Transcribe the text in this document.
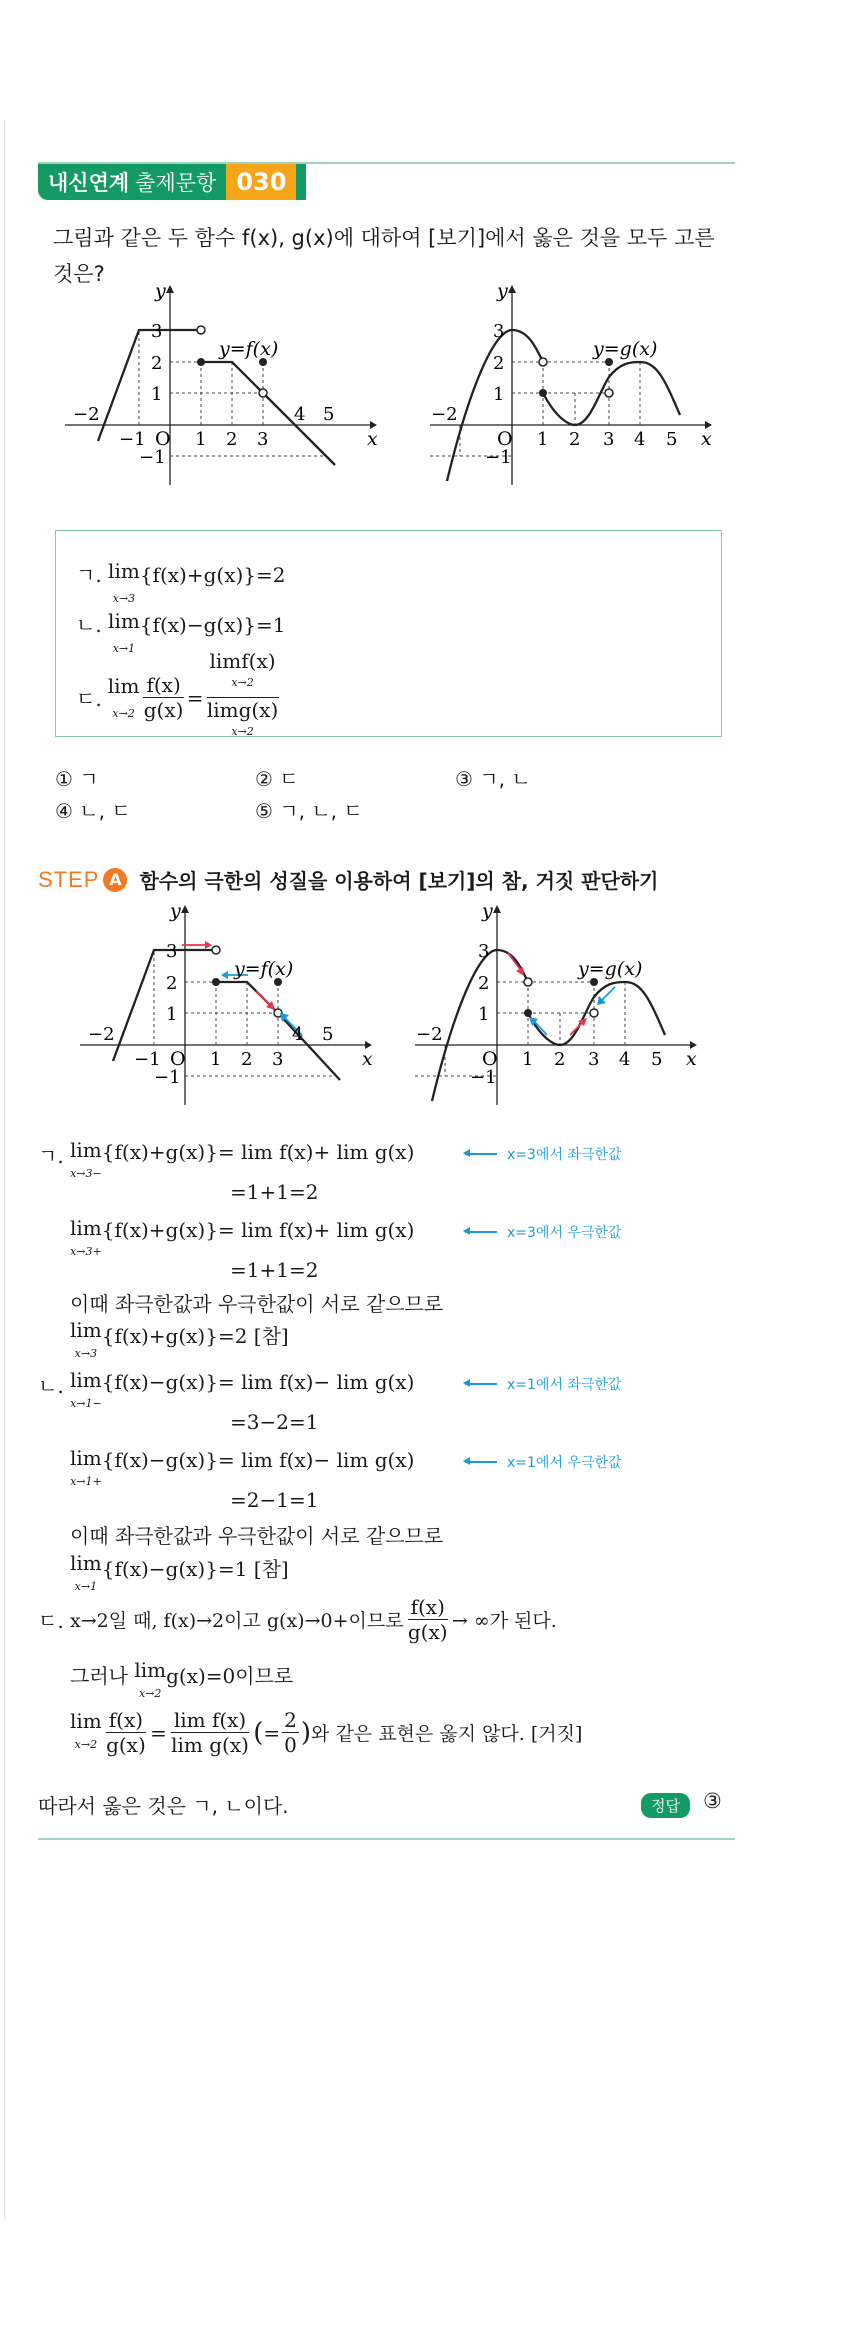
내신연계 출제문항 030
그림과 같은 두 함수 f(x), g(x)에 대하여 [보기]에서 옳은 것을 모두 고른
것은?
y
x
O
y=f(x)
−2
−1	1 2 3
4 5
3
2
1
−1
y
x
O
y=g(x)
−2
1 2 3 4 5
3
2
1
−1
ㄱ. lim
x→3{f(x)+g(x)}=2
ㄴ. lim
x→1{f(x)−g(x)}=1
ㄷ.
lim
$x\to 2 \frac{f(x)}{g(x)}$ =
limf(x)
$^{x\to 2}$
limg(x)
$^{x\to 2}$
① ㄱ	② ㄷ	③ ㄱ, ㄴ
④ ㄴ, ㄷ	⑤ ㄱ, ㄴ, ㄷ
STEP A 함수의 극한의 성질을 이용하여 [보기]의 참, 거짓 판단하기
y
x
O
y=f(x)
−2
−1	1 2 3
4 5
3
2
1
−1
y
x
O
y=g(x)
−2
1 2 3 4 5
3
2
1
−1
ㄱ. lim
x→3−{f(x)+g(x)}= lim f(x)+ lim g(x)	x=3에서 좌극한값
=1+1=2
lim
x→3+{f(x)+g(x)}= lim f(x)+ lim g(x)	x=3에서 우극한값
=1+1=2
이때 좌극한값과 우극한값이 서로 같으므로
lim
x→3{f(x)+g(x)}=2 [참]
ㄴ. lim
x→1−{f(x)−g(x)}= lim f(x)− lim g(x)	x=1에서 좌극한값
=3−2=1
lim
x→1+{f(x)−g(x)}= lim f(x)− lim g(x)	x=1에서 우극한값
=2−1=1
이때 좌극한값과 우극한값이 서로 같으므로
lim
x→1{f(x)−g(x)}=1 [참]
ㄷ. x→2일 때, f(x)→2이고 g(x)→0+이므로
f(x)
g(x) → ∞가 된다.
그러나 lim
x→2g(x)=0이므로
lim
$x\to 2 \frac{f(x)}{g(x)} = \frac{\text{lim f(x)}}{\text{lim g(x)}}$ ( = $\frac{2}{0}$ ) 와 같은 표현은 옳지 않다. [거짓]
따라서 옳은 것은 ㄱ, ㄴ이다.	정답	③
